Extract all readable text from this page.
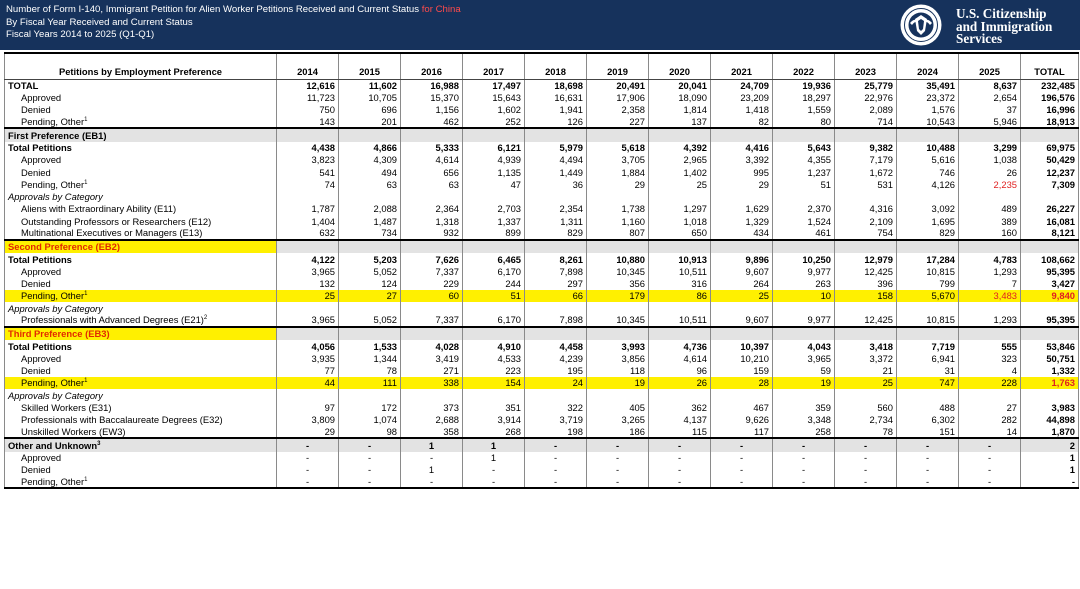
Number of Form I-140, Immigrant Petition for Alien Worker Petitions Received and Current Status for China
By Fiscal Year Received and Current Status
Fiscal Years 2014 to 2025 (Q1-Q1)
U.S. Citizenship
and Immigration
Services
Petitions by Employment Preference	2014	2015	2016	2017	2018	2019	2020	2021	2022	2023	2024	2025	TOTAL
TOTAL	12,616	11,602	16,988	17,497	18,698	20,491	20,041	24,709	19,936	25,779	35,491	8,637	232,485
Approved	11,723	10,705	15,370	15,643	16,631	17,906	18,090	23,209	18,297	22,976	23,372	2,654	196,576
Denied	750	696	1,156	1,602	1,941	2,358	1,814	1,418	1,559	2,089	1,576	37	16,996
Pending, Other$^1$	143	201	462	252	126	227	137	82	80	714	10,543	5,946	18,913
First Preference (EB1)													
Total Petitions	4,438	4,866	5,333	6,121	5,979	5,618	4,392	4,416	5,643	9,382	10,488	3,299	69,975
Approved	3,823	4,309	4,614	4,939	4,494	3,705	2,965	3,392	4,355	7,179	5,616	1,038	50,429
Denied	541	494	656	1,135	1,449	1,884	1,402	995	1,237	1,672	746	26	12,237
Pending, Other$^1$	74	63	63	47	36	29	25	29	51	531	4,126	2,235	7,309
Approvals by Category													
Aliens with Extraordinary Ability (E11)	1,787	2,088	2,364	2,703	2,354	1,738	1,297	1,629	2,370	4,316	3,092	489	26,227
Outstanding Professors or Researchers (E12)	1,404	1,487	1,318	1,337	1,311	1,160	1,018	1,329	1,524	2,109	1,695	389	16,081
Multinational Executives or Managers (E13)	632	734	932	899	829	807	650	434	461	754	829	160	8,121
Second Preference (EB2)													
Total Petitions	4,122	5,203	7,626	6,465	8,261	10,880	10,913	9,896	10,250	12,979	17,284	4,783	108,662
Approved	3,965	5,052	7,337	6,170	7,898	10,345	10,511	9,607	9,977	12,425	10,815	1,293	95,395
Denied	132	124	229	244	297	356	316	264	263	396	799	7	3,427
Pending, Other$^1$	25	27	60	51	66	179	86	25	10	158	5,670	3,483	9,840
Approvals by Category													
Professionals with Advanced Degrees $(E21)^2$	3,965	5,052	7,337	6,170	7,898	10,345	10,511	9,607	9,977	12,425	10,815	1,293	95,395
Third Preference (EB3)													
Total Petitions	4,056	1,533	4,028	4,910	4,458	3,993	4,736	10,397	4,043	3,418	7,719	555	53,846
Approved	3,935	1,344	3,419	4,533	4,239	3,856	4,614	10,210	3,965	3,372	6,941	323	50,751
Denied	77	78	271	223	195	118	96	159	59	21	31	4	1,332
Pending, Other$^1$	44	111	338	154	24	19	26	28	19	25	747	228	1,763
Approvals by Category													
Skilled Workers (E31)	97	172	373	351	322	405	362	467	359	560	488	27	3,983
Professionals with Baccalaureate Degrees (E32)	3,809	1,074	2,688	3,914	3,719	3,265	4,137	9,626	3,348	2,734	6,302	282	44,898
Unskilled Workers (EW3)	29	98	358	268	198	186	115	117	258	78	151	14	1,870
Other and Unknown$^3$	-	-	1	1	-	-	-	-	-	-	-	-	2
Approved	-	-	-	1	-	-	-	-	-	-	-	-	1
Denied	-	-	1	-	-	-	-	-	-	-	-	-	1
Pending, Other$^1$	-	-	-	-	-	-	-	-	-	-	-	-	-
